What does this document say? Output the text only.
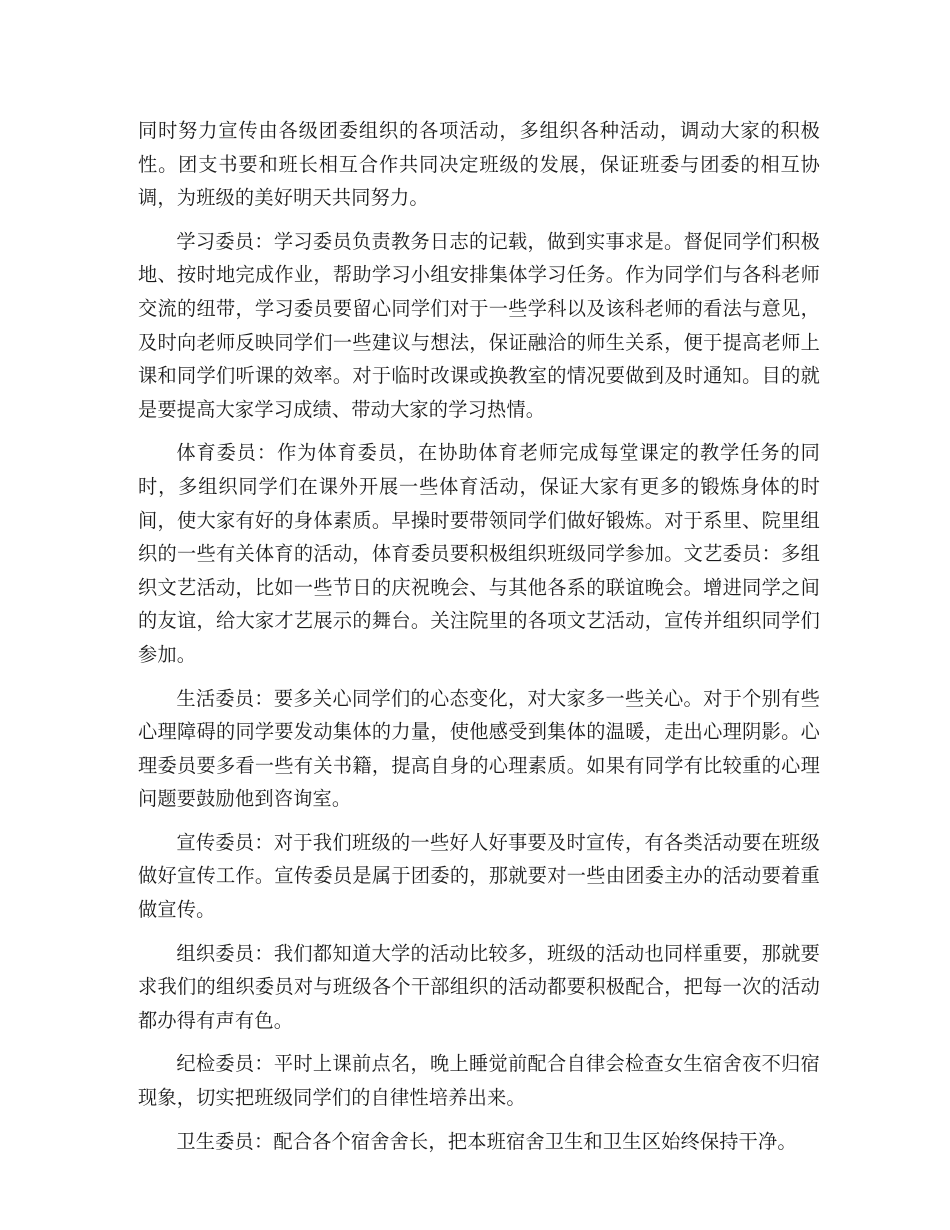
同时努力宣传由各级团委组织的各项活动，多组织各种活动，调动大家的积极性。团支书要和班长相互合作共同决定班级的发展，保证班委与团委的相互协调，为班级的美好明天共同努力。

学习委员：学习委员负责教务日志的记载，做到实事求是。督促同学们积极地、按时地完成作业，帮助学习小组安排集体学习任务。作为同学们与各科老师交流的纽带，学习委员要留心同学们对于一些学科以及该科老师的看法与意见，及时向老师反映同学们一些建议与想法，保证融洽的师生关系，便于提高老师上课和同学们听课的效率。对于临时改课或换教室的情况要做到及时通知。目的就是要提高大家学习成绩、带动大家的学习热情。

体育委员：作为体育委员，在协助体育老师完成每堂课定的教学任务的同时，多组织同学们在课外开展一些体育活动，保证大家有更多的锻炼身体的时间，使大家有好的身体素质。早操时要带领同学们做好锻炼。对于系里、院里组织的一些有关体育的活动，体育委员要积极组织班级同学参加。文艺委员：多组织文艺活动，比如一些节日的庆祝晚会、与其他各系的联谊晚会。增进同学之间的友谊，给大家才艺展示的舞台。关注院里的各项文艺活动，宣传并组织同学们参加。

生活委员：要多关心同学们的心态变化，对大家多一些关心。对于个别有些心理障碍的同学要发动集体的力量，使他感受到集体的温暖，走出心理阴影。心理委员要多看一些有关书籍，提高自身的心理素质。如果有同学有比较重的心理问题要鼓励他到咨询室。

宣传委员：对于我们班级的一些好人好事要及时宣传，有各类活动要在班级做好宣传工作。宣传委员是属于团委的，那就要对一些由团委主办的活动要着重做宣传。

组织委员：我们都知道大学的活动比较多，班级的活动也同样重要，那就要求我们的组织委员对与班级各个干部组织的活动都要积极配合，把每一次的活动都办得有声有色。

纪检委员：平时上课前点名，晚上睡觉前配合自律会检查女生宿舍夜不归宿现象，切实把班级同学们的自律性培养出来。

卫生委员：配合各个宿舍舍长，把本班宿舍卫生和卫生区始终保持干净。
